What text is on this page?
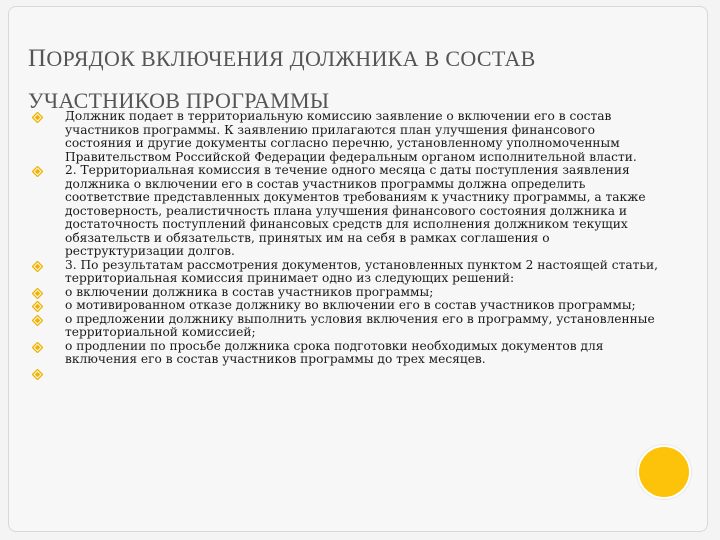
ПОРЯДОК ВКЛЮЧЕНИЯ ДОЛЖНИКА В СОСТАВ
УЧАСТНИКОВ ПРОГРАММЫ
Должник подает в территориальную комиссию заявление о включении его в состав участников программы. К заявлению прилагаются план улучшения финансового состояния и другие документы согласно перечню, установленному уполномоченным Правительством Российской Федерации федеральным органом исполнительной власти.
2. Территориальная комиссия в течение одного месяца с даты поступления заявления должника о включении его в состав участников программы должна определить соответствие представленных документов требованиям к участнику программы, а также достоверность, реалистичность плана улучшения финансового состояния должника и достаточность поступлений финансовых средств для исполнения должником текущих обязательств и обязательств, принятых им на себя в рамках соглашения о реструктуризации долгов.
3. По результатам рассмотрения документов, установленных пунктом 2 настоящей статьи, территориальная комиссия принимает одно из следующих решений:
о включении должника в состав участников программы;
о мотивированном отказе должнику во включении его в состав участников программы;
о предложении должнику выполнить условия включения его в программу, установленные территориальной комиссией;
о продлении по просьбе должника срока подготовки необходимых документов для включения его в состав участников программы до трех месяцев.
